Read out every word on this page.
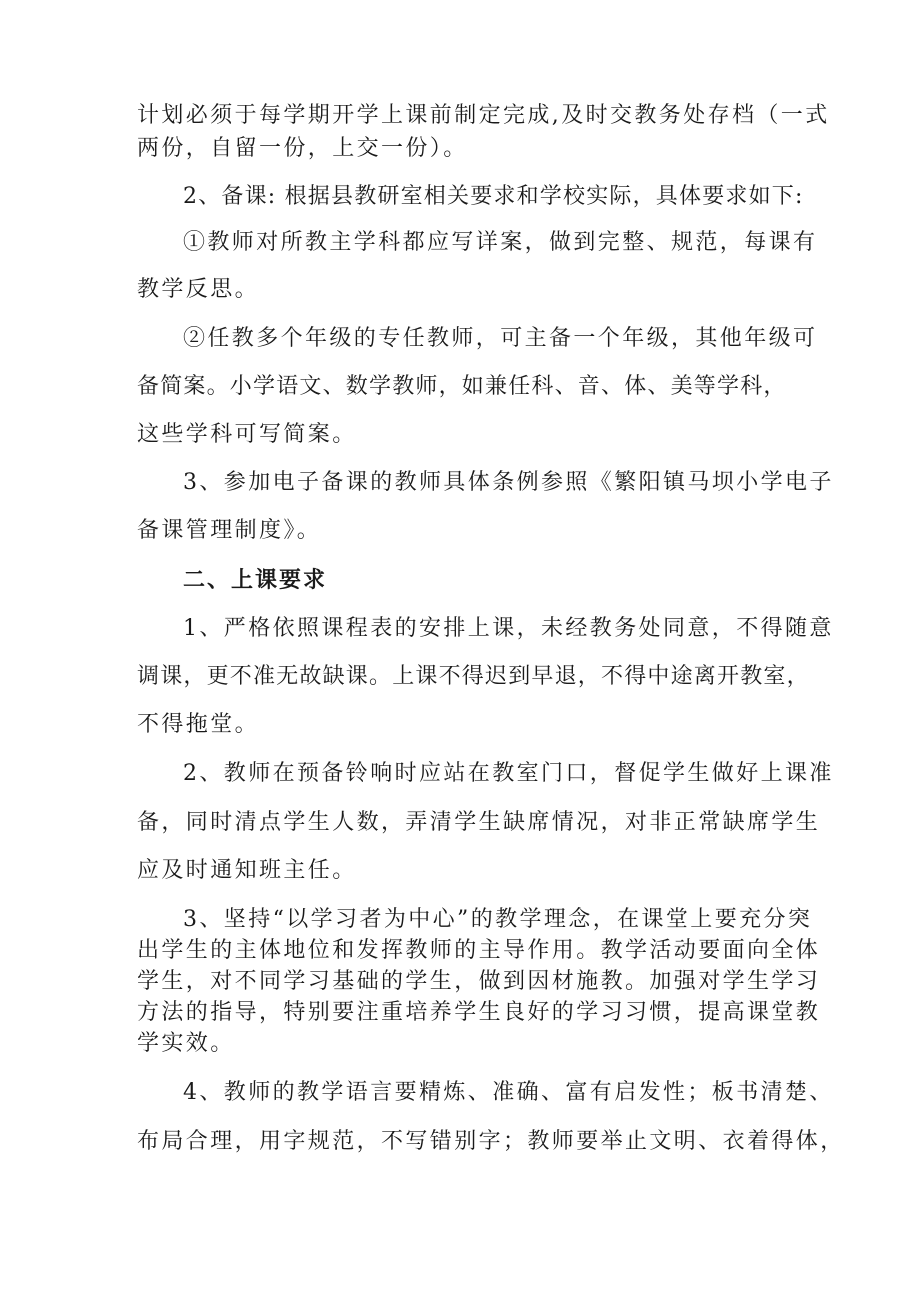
计划必须于每学期开学上课前制定完成,及时交教务处存档（一式
两份，自留一份，上交一份）。
2、备课: 根据县教研室相关要求和学校实际，具体要求如下:
①教师对所教主学科都应写详案，做到完整、规范，每课有
教学反思。
②任教多个年级的专任教师，可主备一个年级，其他年级可
备简案。小学语文、数学教师，如兼任科、音、体、美等学科，
这些学科可写简案。
3、参加电子备课的教师具体条例参照《繁阳镇马坝小学电子
备课管理制度》。
二、上课要求
1、严格依照课程表的安排上课，未经教务处同意，不得随意
调课，更不准无故缺课。上课不得迟到早退，不得中途离开教室，
不得拖堂。
2、教师在预备铃响时应站在教室门口，督促学生做好上课准
备，同时清点学生人数，弄清学生缺席情况，对非正常缺席学生
应及时通知班主任。
3、坚持“以学习者为中心”的教学理念，在课堂上要充分突
出学生的主体地位和发挥教师的主导作用。教学活动要面向全体
学生，对不同学习基础的学生，做到因材施教。加强对学生学习
方法的指导，特别要注重培养学生良好的学习习惯，提高课堂教
学实效。
4、教师的教学语言要精炼、准确、富有启发性；板书清楚、
布局合理，用字规范，不写错别字；教师要举止文明、衣着得体，
